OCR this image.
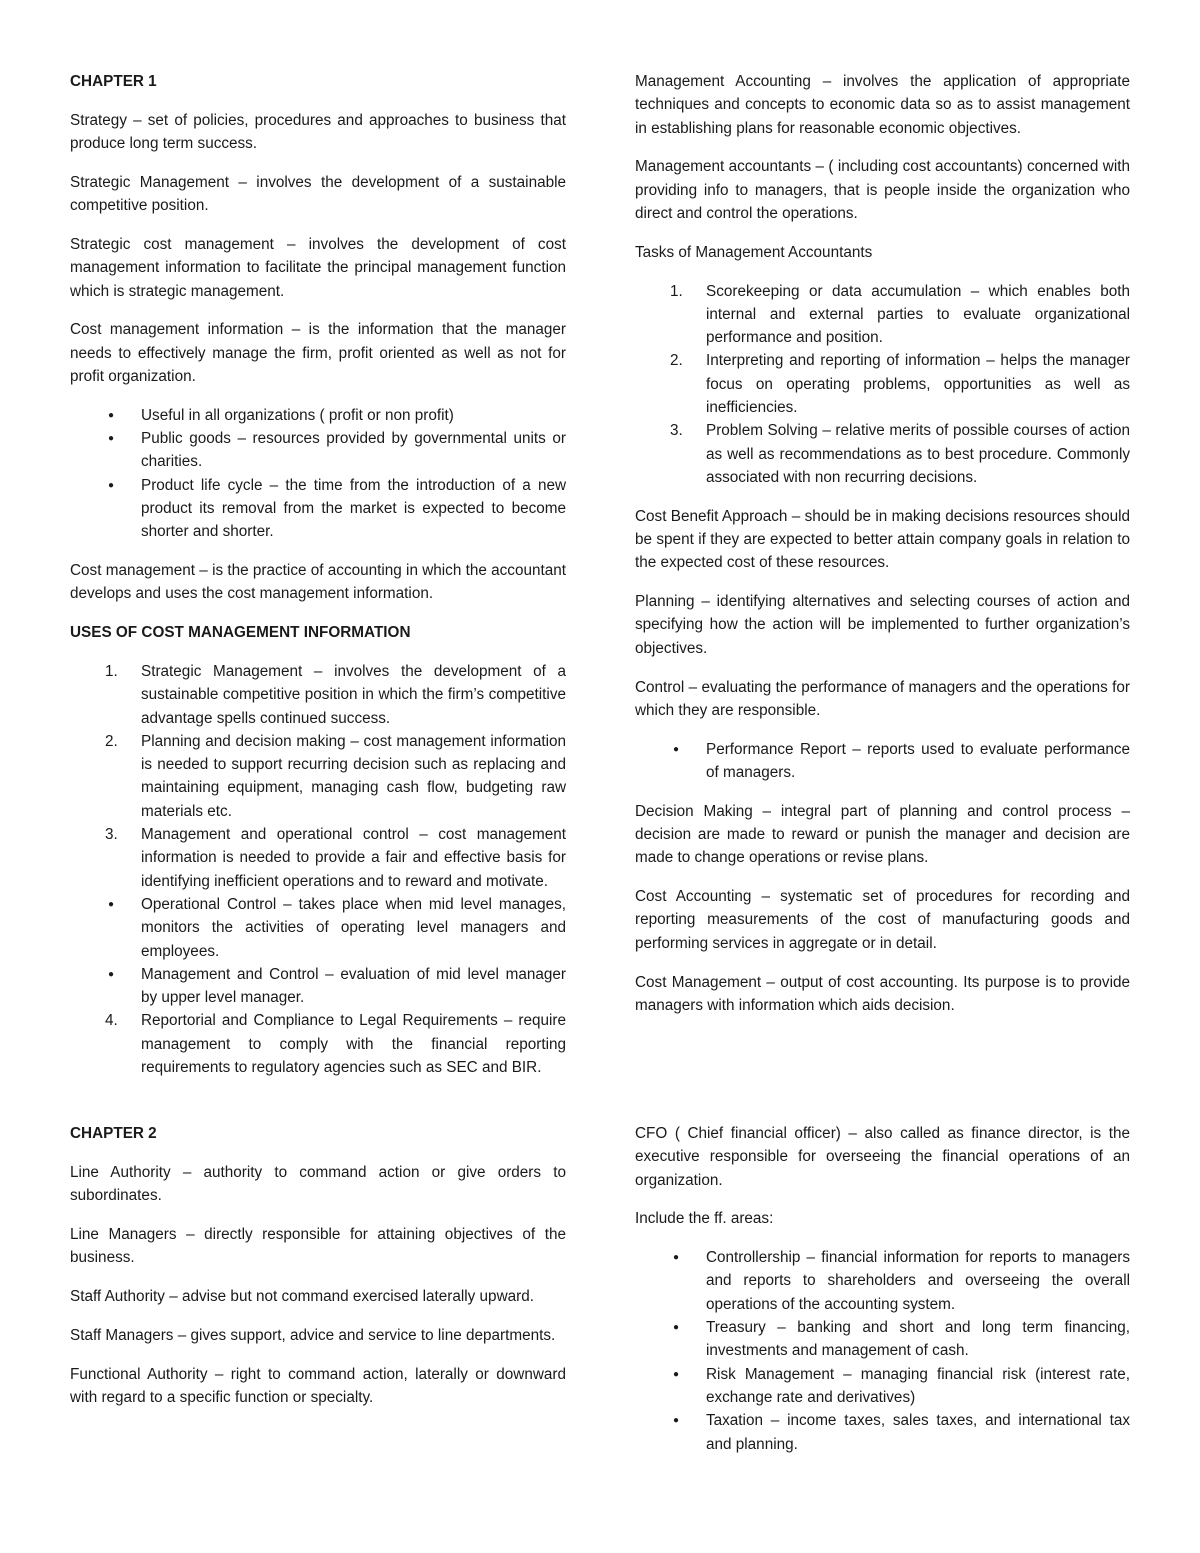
CHAPTER 1

Strategy – set of policies, procedures and approaches to business that produce long term success.

Strategic Management – involves the development of a sustainable competitive position.

Strategic cost management – involves the development of cost management information to facilitate the principal management function which is strategic management.

Cost management information – is the information that the manager needs to effectively manage the firm, profit oriented as well as not for profit organization.

● Useful in all organizations ( profit or non profit)
● Public goods – resources provided by governmental units or charities.
● Product life cycle – the time from the introduction of a new product its removal from the market is expected to become shorter and shorter.

Cost management – is the practice of accounting in which the accountant develops and uses the cost management information.

USES OF COST MANAGEMENT INFORMATION

1. Strategic Management – involves the development of a sustainable competitive position in which the firm’s competitive advantage spells continued success.
2. Planning and decision making – cost management information is needed to support recurring decision such as replacing and maintaining equipment, managing cash flow, budgeting raw materials etc.
3. Management and operational control – cost management information is needed to provide a fair and effective basis for identifying inefficient operations and to reward and motivate.
● Operational Control – takes place when mid level manages, monitors the activities of operating level managers and employees.
● Management and Control – evaluation of mid level manager by upper level manager.
4. Reportorial and Compliance to Legal Requirements – require management to comply with the financial reporting requirements to regulatory agencies such as SEC and BIR.

Management Accounting – involves the application of appropriate techniques and concepts to economic data so as to assist management in establishing plans for reasonable economic objectives.

Management accountants – ( including cost accountants) concerned with providing info to managers, that is people inside the organization who direct and control the operations.

Tasks of Management Accountants

1. Scorekeeping or data accumulation – which enables both internal and external parties to evaluate organizational performance and position.
2. Interpreting and reporting of information – helps the manager focus on operating problems, opportunities as well as inefficiencies.
3. Problem Solving – relative merits of possible courses of action as well as recommendations as to best procedure. Commonly associated with non recurring decisions.

Cost Benefit Approach – should be in making decisions resources should be spent if they are expected to better attain company goals in relation to the expected cost of these resources.

Planning – identifying alternatives and selecting courses of action and specifying how the action will be implemented to further organization’s objectives.

Control – evaluating the performance of managers and the operations for which they are responsible.

● Performance Report – reports used to evaluate performance of managers.

Decision Making – integral part of planning and control process – decision are made to reward or punish the manager and decision are made to change operations or revise plans.

Cost Accounting – systematic set of procedures for recording and reporting measurements of the cost of manufacturing goods and performing services in aggregate or in detail.

Cost Management – output of cost accounting. Its purpose is to provide managers with information which aids decision.

CHAPTER 2

Line Authority – authority to command action or give orders to subordinates.

Line Managers – directly responsible for attaining objectives of the business.

Staff Authority – advise but not command exercised laterally upward.

Staff Managers – gives support, advice and service to line departments.

Functional Authority – right to command action, laterally or downward with regard to a specific function or specialty.

CFO ( Chief financial officer) – also called as finance director, is the executive responsible for overseeing the financial operations of an organization.

Include the ff. areas:

● Controllership – financial information for reports to managers and reports to shareholders and overseeing the overall operations of the accounting system.
● Treasury – banking and short and long term financing, investments and management of cash.
● Risk Management – managing financial risk (interest rate, exchange rate and derivatives)
● Taxation – income taxes, sales taxes, and international tax and planning.
